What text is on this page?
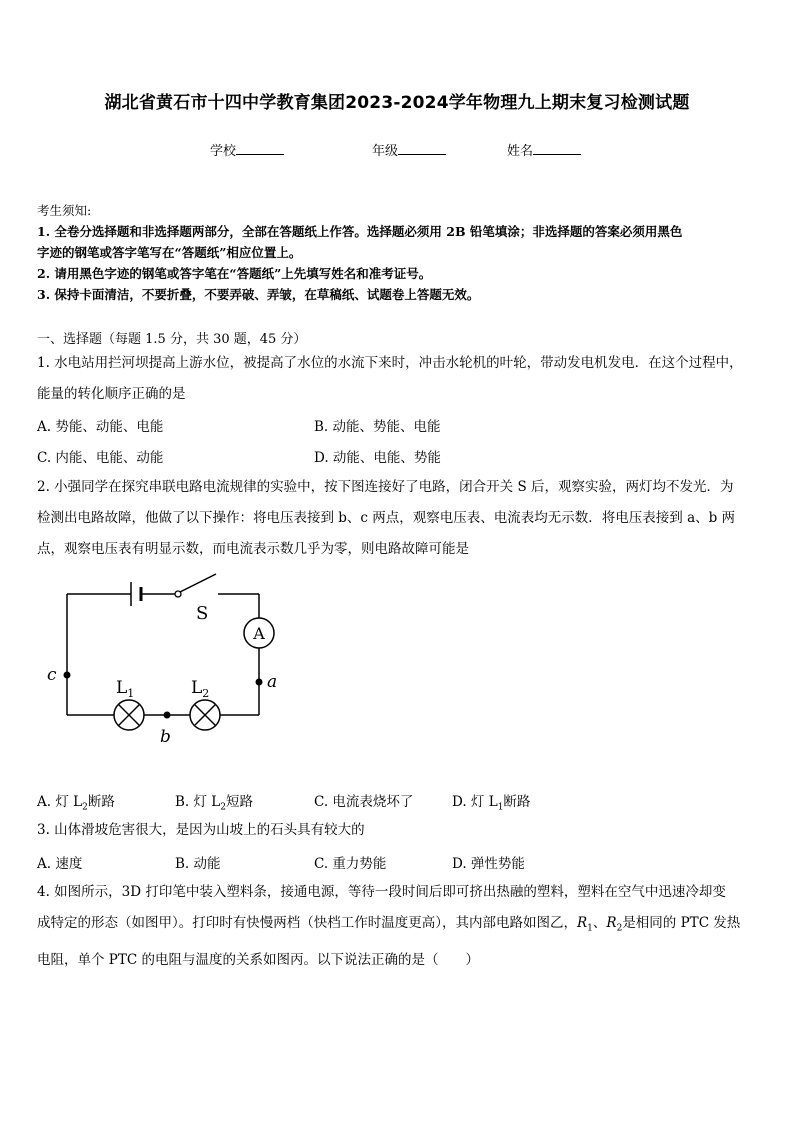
湖北省黄石市十四中学教育集团2023-2024学年物理九上期末复习检测试题
学校	年级	姓名
考生须知:
1. 全卷分选择题和非选择题两部分，全部在答题纸上作答。选择题必须用 2B 铅笔填涂；非选择题的答案必须用黑色
字迹的钢笔或答字笔写在“答题纸”相应位置上。
2. 请用黑色字迹的钢笔或答字笔在“答题纸”上先填写姓名和准考证号。
3. 保持卡面清洁，不要折叠，不要弄破、弄皱，在草稿纸、试题卷上答题无效。
一、选择题（每题 1.5 分，共 30 题，45 分）
1. 水电站用拦河坝提高上游水位，被提高了水位的水流下来时，冲击水轮机的叶轮，带动发电机发电．在这个过程中，
能量的转化顺序正确的是
A. 势能、动能、电能	B. 动能、势能、电能
C. 内能、电能、动能	D. 动能、电能、势能
2. 小强同学在探究串联电路电流规律的实验中，按下图连接好了电路，闭合开关 S 后，观察实验，两灯均不发光．为
检测出电路故障，他做了以下操作：将电压表接到 b、c 两点，观察电压表、电流表均无示数．将电压表接到 a、b 两
点，观察电压表有明显示数，而电流表示数几乎为零，则电路故障可能是
S
A
c
b
a
$L_1$	$L_2$
A. 灯 $L_2$断路	B. 灯 $L_2$短路	C. 电流表烧坏了	D. 灯 $L_1$断路
3. 山体滑坡危害很大，是因为山坡上的石头具有较大的
A. 速度	B. 动能	C. 重力势能	D. 弹性势能
4. 如图所示，3D 打印笔中装入塑料条，接通电源，等待一段时间后即可挤出热融的塑料，塑料在空气中迅速冷却变
成特定的形态（如图甲）。打印时有快慢两档（快档工作时温度更高），其内部电路如图乙，$R_1$、$R_2$是相同的 PTC 发热
电阻，单个 PTC 的电阻与温度的关系如图丙。以下说法正确的是（　　）
